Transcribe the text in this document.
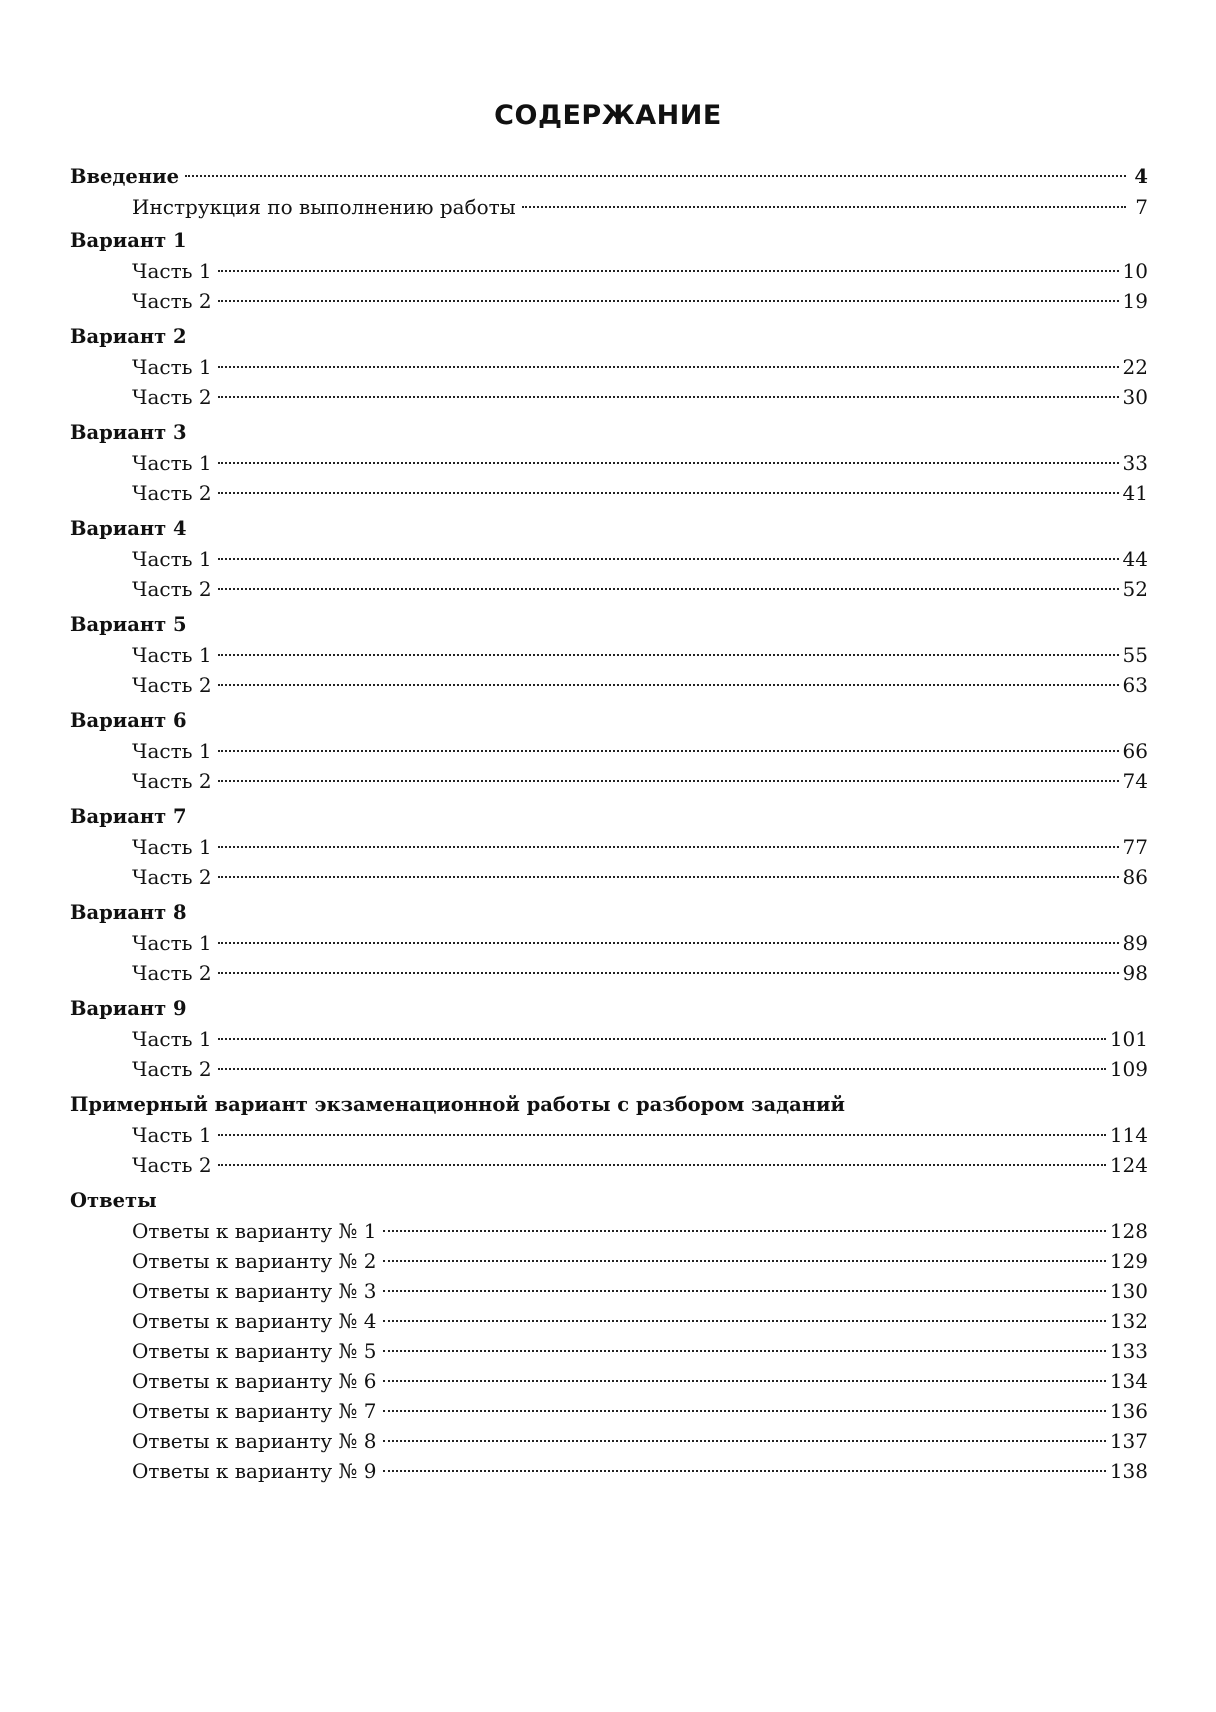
СОДЕРЖАНИЕ
Введение	4
Инструкция по выполнению работы	7
Вариант 1
Часть 1	10
Часть 2	19
Вариант 2
Часть 1	22
Часть 2	30
Вариант 3
Часть 1	33
Часть 2	41
Вариант 4
Часть 1	44
Часть 2	52
Вариант 5
Часть 1	55
Часть 2	63
Вариант 6
Часть 1	66
Часть 2	74
Вариант 7
Часть 1	77
Часть 2	86
Вариант 8
Часть 1	89
Часть 2	98
Вариант 9
Часть 1	101
Часть 2	109
Примерный вариант экзаменационной работы с разбором заданий
Часть 1	114
Часть 2	124
Ответы
Ответы к варианту № 1	128
Ответы к варианту № 2	129
Ответы к варианту № 3	130
Ответы к варианту № 4	132
Ответы к варианту № 5	133
Ответы к варианту № 6	134
Ответы к варианту № 7	136
Ответы к варианту № 8	137
Ответы к варианту № 9	138
